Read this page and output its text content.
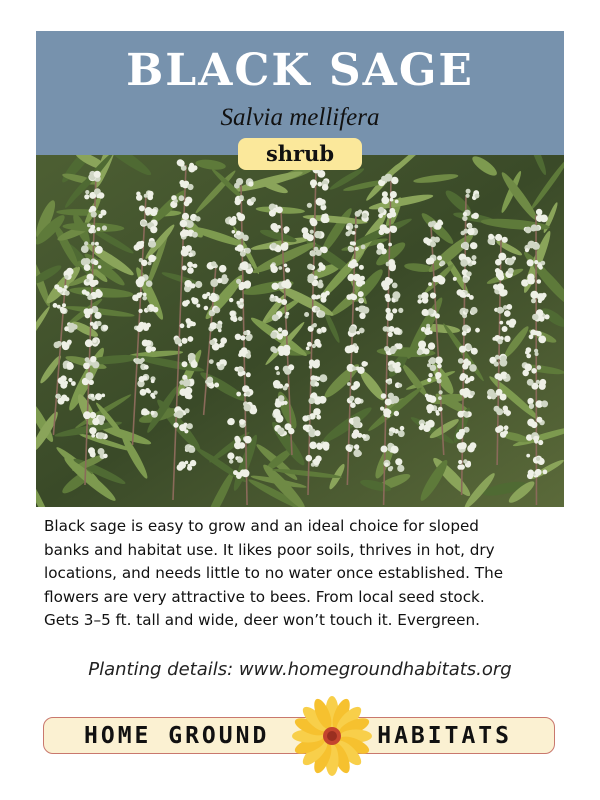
BLACK SAGE
Salvia mellifera
shrub

Black sage is easy to grow and an ideal choice for sloped
banks and habitat use. It likes poor soils, thrives in hot, dry
locations, and needs little to no water once established. The
flowers are very attractive to bees. From local seed stock.
Gets 3–5 ft. tall and wide, deer won’t touch it. Evergreen.

Planting details: www.homegroundhabitats.org
HOME GROUND	HABITATS
